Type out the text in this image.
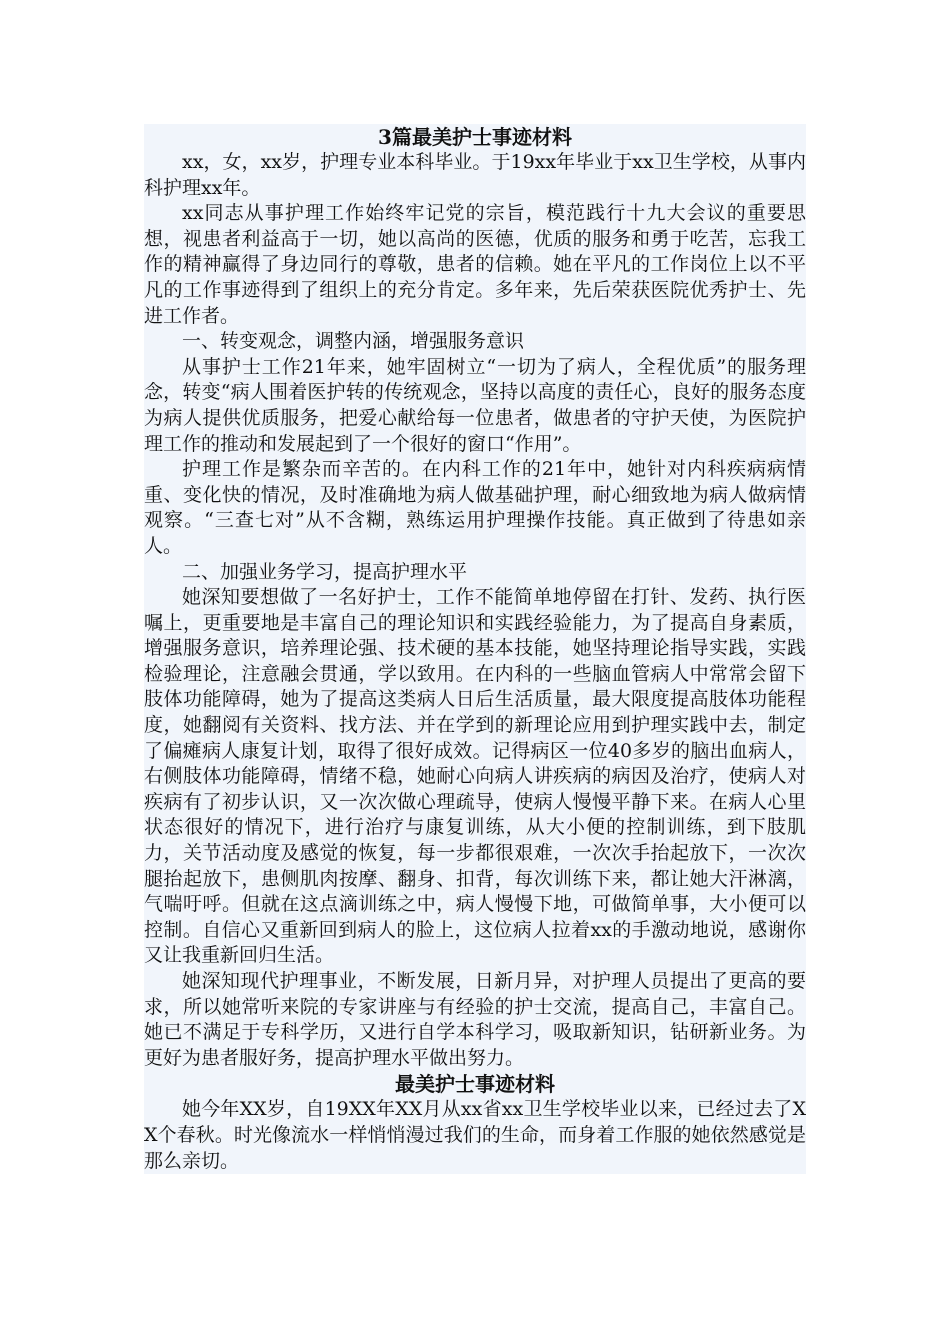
3篇最美护士事迹材料

xx，女，xx岁，护理专业本科毕业。于19xx年毕业于xx卫生学校，从事内科护理xx年。

xx同志从事护理工作始终牢记党的宗旨，模范践行十九大会议的重要思想，视患者利益高于一切，她以高尚的医德，优质的服务和勇于吃苦，忘我工作的精神赢得了身边同行的尊敬，患者的信赖。她在平凡的工作岗位上以不平凡的工作事迹得到了组织上的充分肯定。多年来，先后荣获医院优秀护士、先进工作者。

一、转变观念，调整内涵，增强服务意识

从事护士工作21年来，她牢固树立“一切为了病人，全程优质”的服务理念，转变“病人围着医护转的传统观念，坚持以高度的责任心，良好的服务态度为病人提供优质服务，把爱心献给每一位患者，做患者的守护天使，为医院护理工作的推动和发展起到了一个很好的窗口“作用”。

护理工作是繁杂而辛苦的。在内科工作的21年中，她针对内科疾病病情重、变化快的情况，及时准确地为病人做基础护理，耐心细致地为病人做病情观察。“三查七对”从不含糊，熟练运用护理操作技能。真正做到了待患如亲人。

二、加强业务学习，提高护理水平

她深知要想做了一名好护士，工作不能简单地停留在打针、发药、执行医嘱上，更重要地是丰富自己的理论知识和实践经验能力，为了提高自身素质，增强服务意识，培养理论强、技术硬的基本技能，她坚持理论指导实践，实践检验理论，注意融会贯通，学以致用。在内科的一些脑血管病人中常常会留下肢体功能障碍，她为了提高这类病人日后生活质量，最大限度提高肢体功能程度，她翻阅有关资料、找方法、并在学到的新理论应用到护理实践中去，制定了偏瘫病人康复计划，取得了很好成效。记得病区一位40多岁的脑出血病人，右侧肢体功能障碍，情绪不稳，她耐心向病人讲疾病的病因及治疗，使病人对疾病有了初步认识，又一次次做心理疏导，使病人慢慢平静下来。在病人心里状态很好的情况下，进行治疗与康复训练，从大小便的控制训练，到下肢肌力，关节活动度及感觉的恢复，每一步都很艰难，一次次手抬起放下，一次次腿抬起放下，患侧肌肉按摩、翻身、扣背，每次训练下来，都让她大汗淋漓，气喘吁呼。但就在这点滴训练之中，病人慢慢下地，可做简单事，大小便可以控制。自信心又重新回到病人的脸上，这位病人拉着xx的手激动地说，感谢你又让我重新回归生活。

她深知现代护理事业，不断发展，日新月异，对护理人员提出了更高的要求，所以她常听来院的专家讲座与有经验的护士交流，提高自己，丰富自己。她已不满足于专科学历，又进行自学本科学习，吸取新知识，钻研新业务。为更好为患者服好务，提高护理水平做出努力。

最美护士事迹材料

她今年XX岁，自19XX年XX月从xx省xx卫生学校毕业以来，已经过去了XX个春秋。时光像流水一样悄悄漫过我们的生命，而身着工作服的她依然感觉是那么亲切。
